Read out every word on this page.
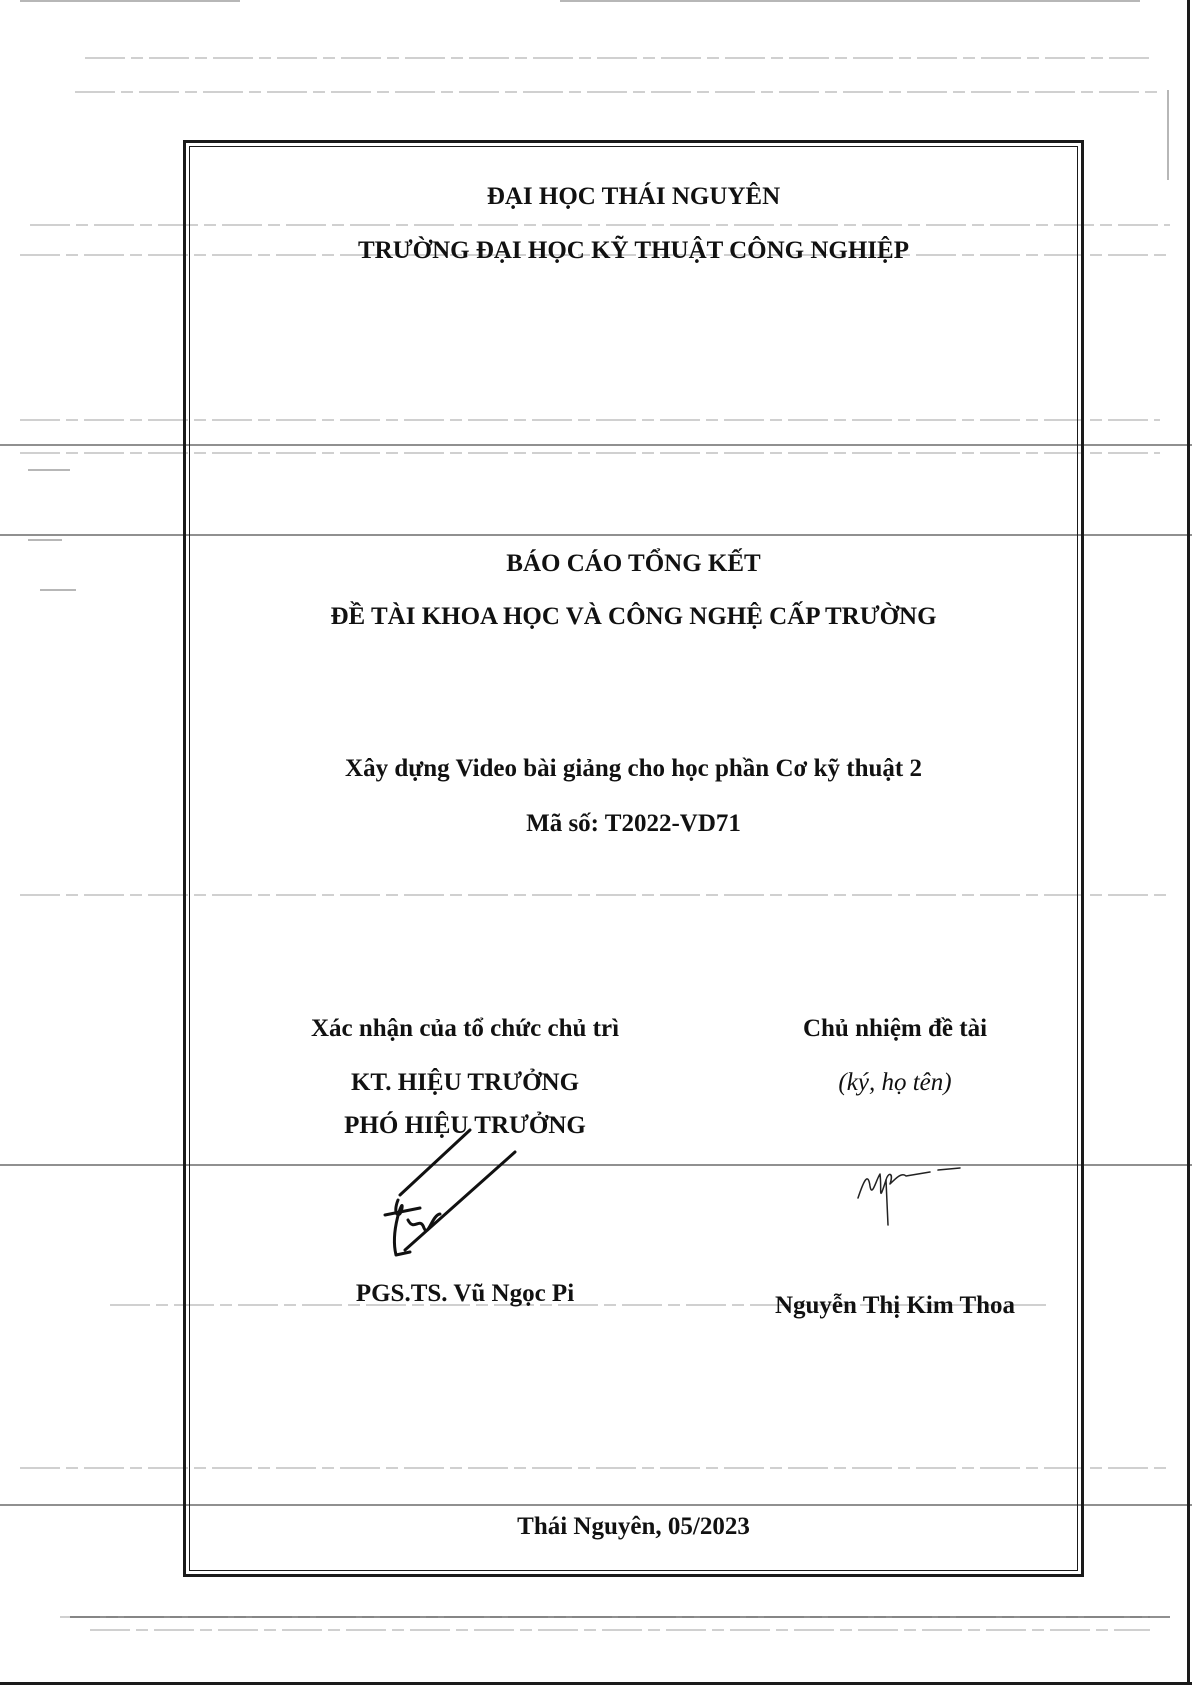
ĐẠI HỌC THÁI NGUYÊN
TRƯỜNG ĐẠI HỌC KỸ THUẬT CÔNG NGHIỆP
BÁO CÁO TỔNG KẾT
ĐỀ TÀI KHOA HỌC VÀ CÔNG NGHỆ CẤP TRƯỜNG
Xây dựng Video bài giảng cho học phần Cơ kỹ thuật 2
Mã số: T2022-VD71
Xác nhận của tổ chức chủ trì
KT. HIỆU TRƯỞNG
PHÓ HIỆU TRƯỞNG
PGS.TS. Vũ Ngọc Pi
Chủ nhiệm đề tài
(ký, họ tên)
Nguyễn Thị Kim Thoa
Thái Nguyên, 05/2023
